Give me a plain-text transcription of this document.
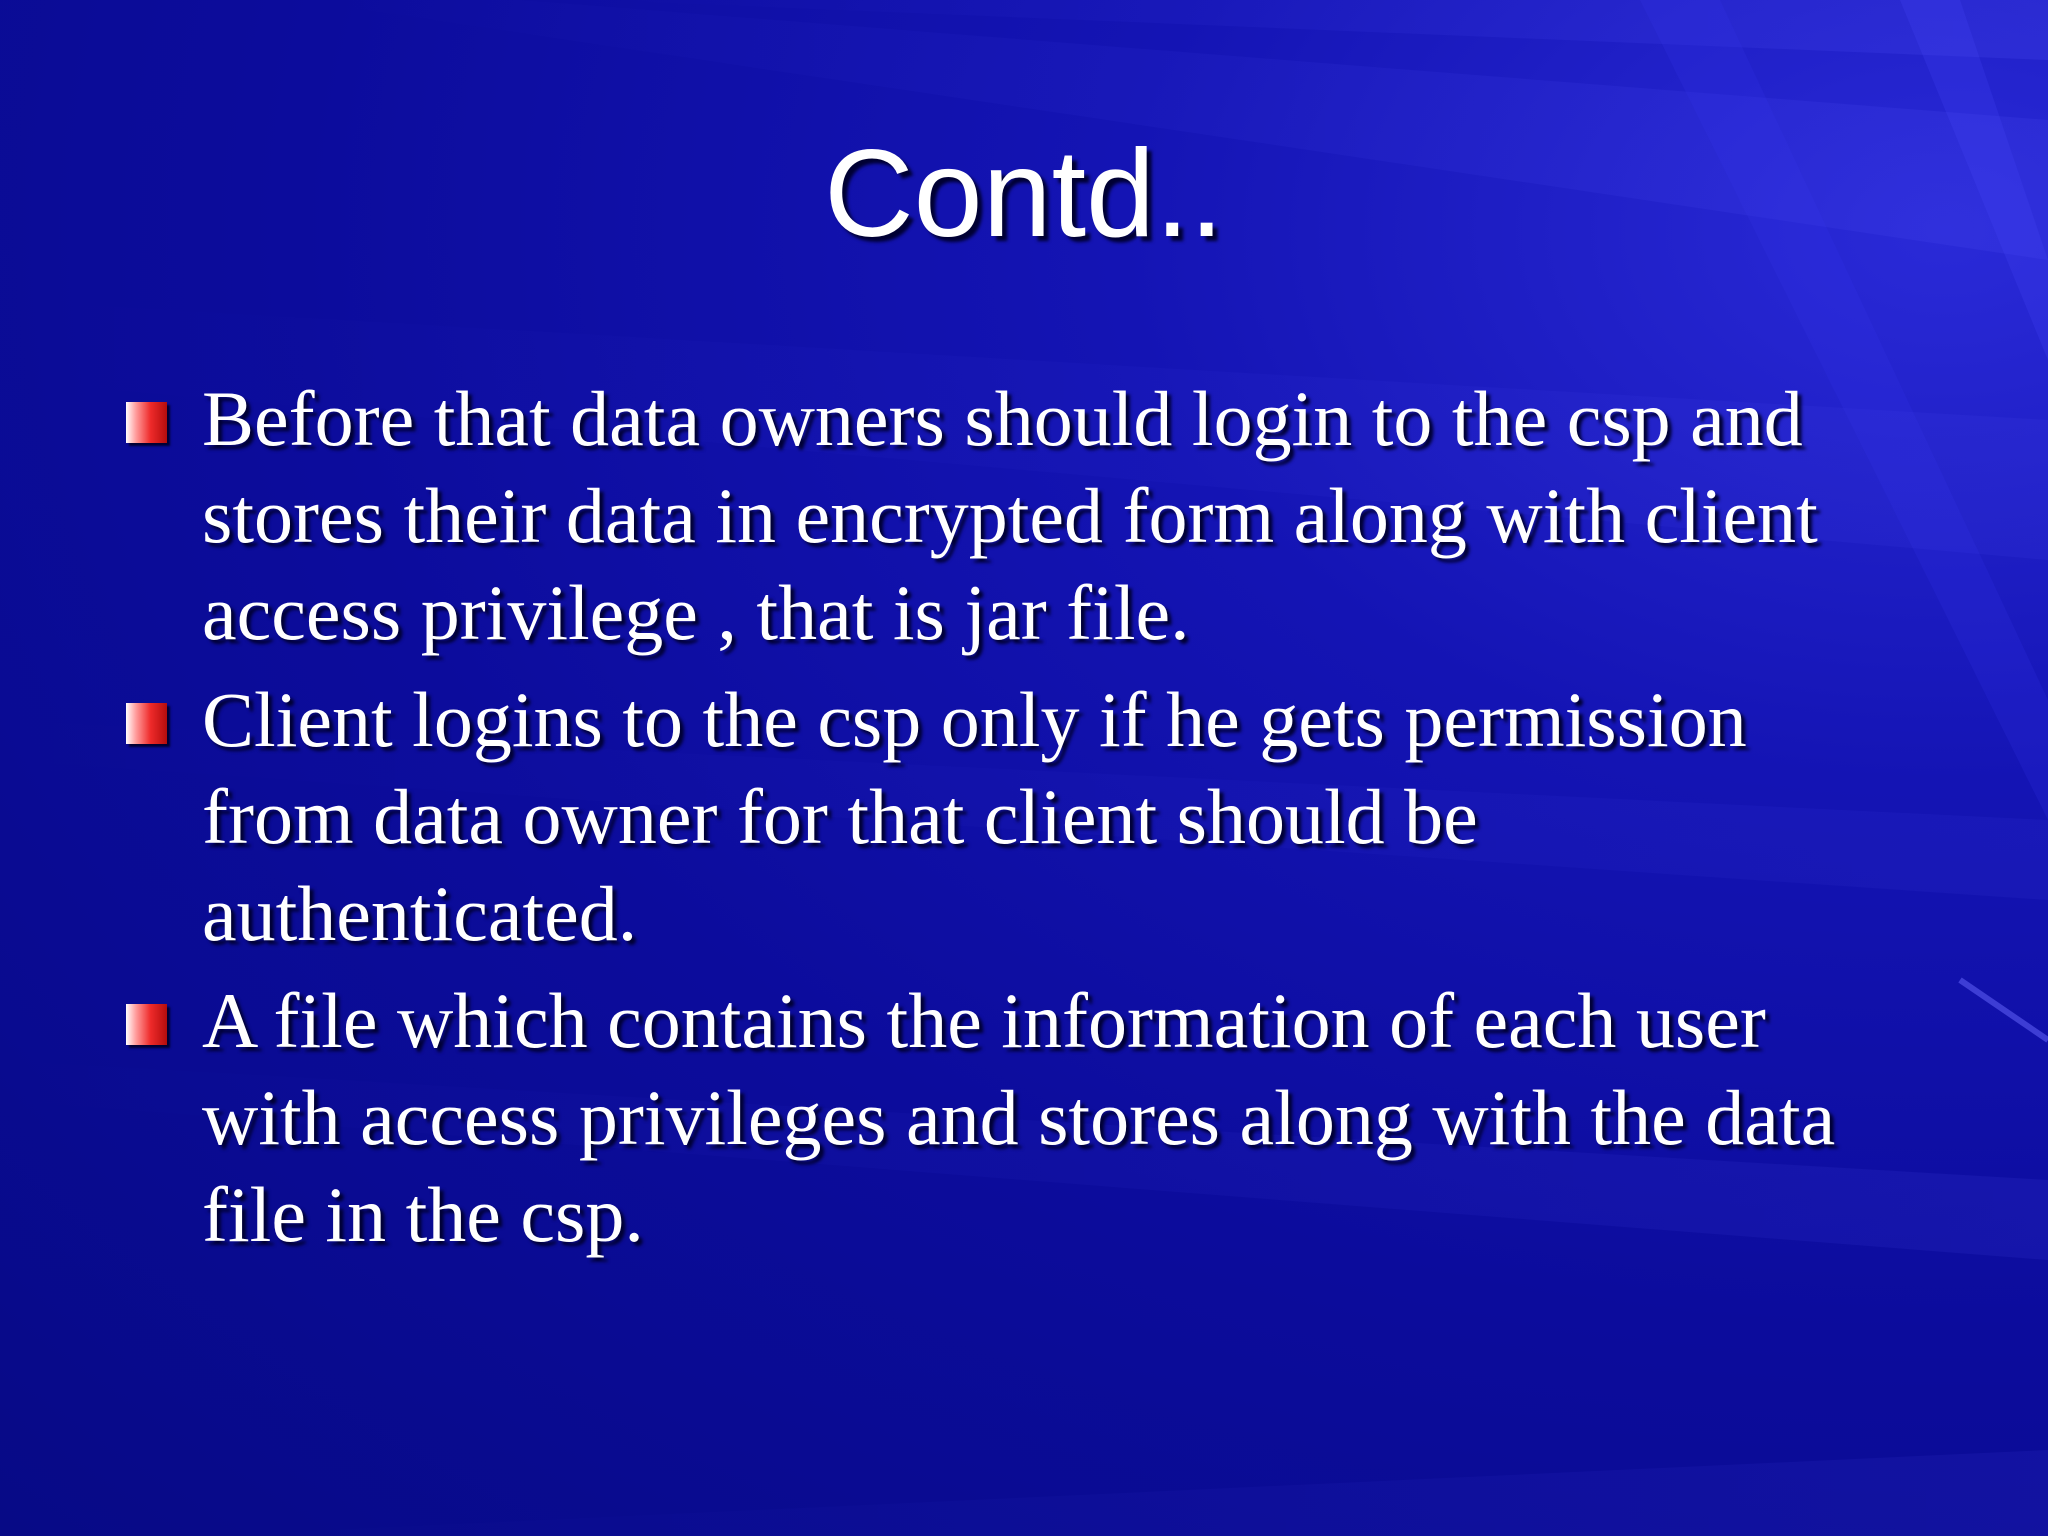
Contd..
Before that data owners should login to the csp and stores their data in encrypted form along with client access privilege , that is jar file.
Client logins to the csp only if he gets permission from data owner for that client should be authenticated.
A file which contains the information of each user with access privileges and stores along with the data file in the csp.
